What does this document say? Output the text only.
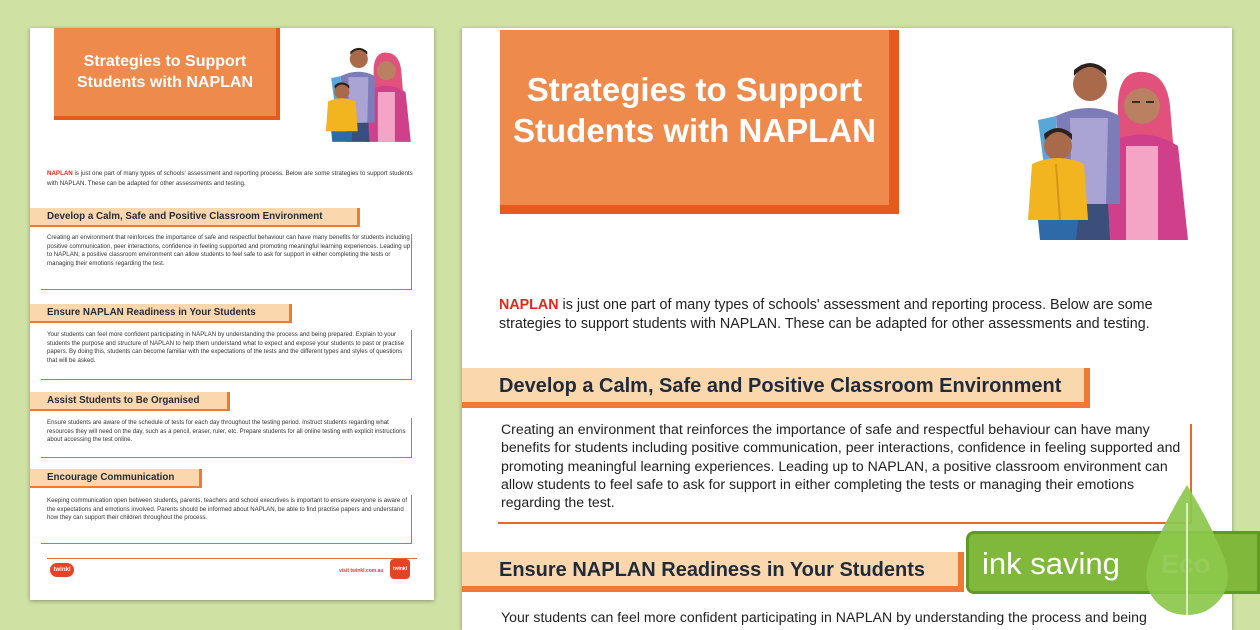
Strategies to Support Students with NAPLAN

NAPLAN is just one part of many types of schools' assessment and reporting process. Below are some strategies to support students with NAPLAN. These can be adapted for other assessments and testing.

Develop a Calm, Safe and Positive Classroom Environment

Creating an environment that reinforces the importance of safe and respectful behaviour can have many benefits for students including positive communication, peer interactions, confidence in feeling supported and promoting meaningful learning experiences. Leading up to NAPLAN, a positive classroom environment can allow students to feel safe to ask for support in either completing the tests or managing their emotions regarding the test.

Ensure NAPLAN Readiness in Your Students

Your students can feel more confident participating in NAPLAN by understanding the process and being prepared. Explain to your students the purpose and structure of NAPLAN to help them understand what to expect and expose your students to past or practise papers. By doing this, students can become familiar with the expectations of the tests and the different types and styles of questions that will be asked.

Assist Students to Be Organised

Ensure students are aware of the schedule of tests for each day throughout the testing period. Instruct students regarding what resources they will need on the day, such as a pencil, eraser, ruler, etc. Prepare students for all online testing with explicit instructions about accessing the test online.

Encourage Communication

Keeping communication open between students, parents, teachers and school executives is important to ensure everyone is aware of the expectations and emotions involved. Parents should be informed about NAPLAN, be able to find practise papers and understand how they can support their children throughout the process.

twinkl	visit twinkl.com.au	twinkl
Strategies to Support Students with NAPLAN

NAPLAN is just one part of many types of schools' assessment and reporting process. Below are some strategies to support students with NAPLAN. These can be adapted for other assessments and testing.

Develop a Calm, Safe and Positive Classroom Environment

Creating an environment that reinforces the importance of safe and respectful behaviour can have many benefits for students including positive communication, peer interactions, confidence in feeling supported and promoting meaningful learning experiences. Leading up to NAPLAN, a positive classroom environment can allow students to feel safe to ask for support in either completing the tests or managing their emotions regarding the test.

Ensure NAPLAN Readiness in Your Students

Your students can feel more confident participating in NAPLAN by understanding the process and being

ink saving
